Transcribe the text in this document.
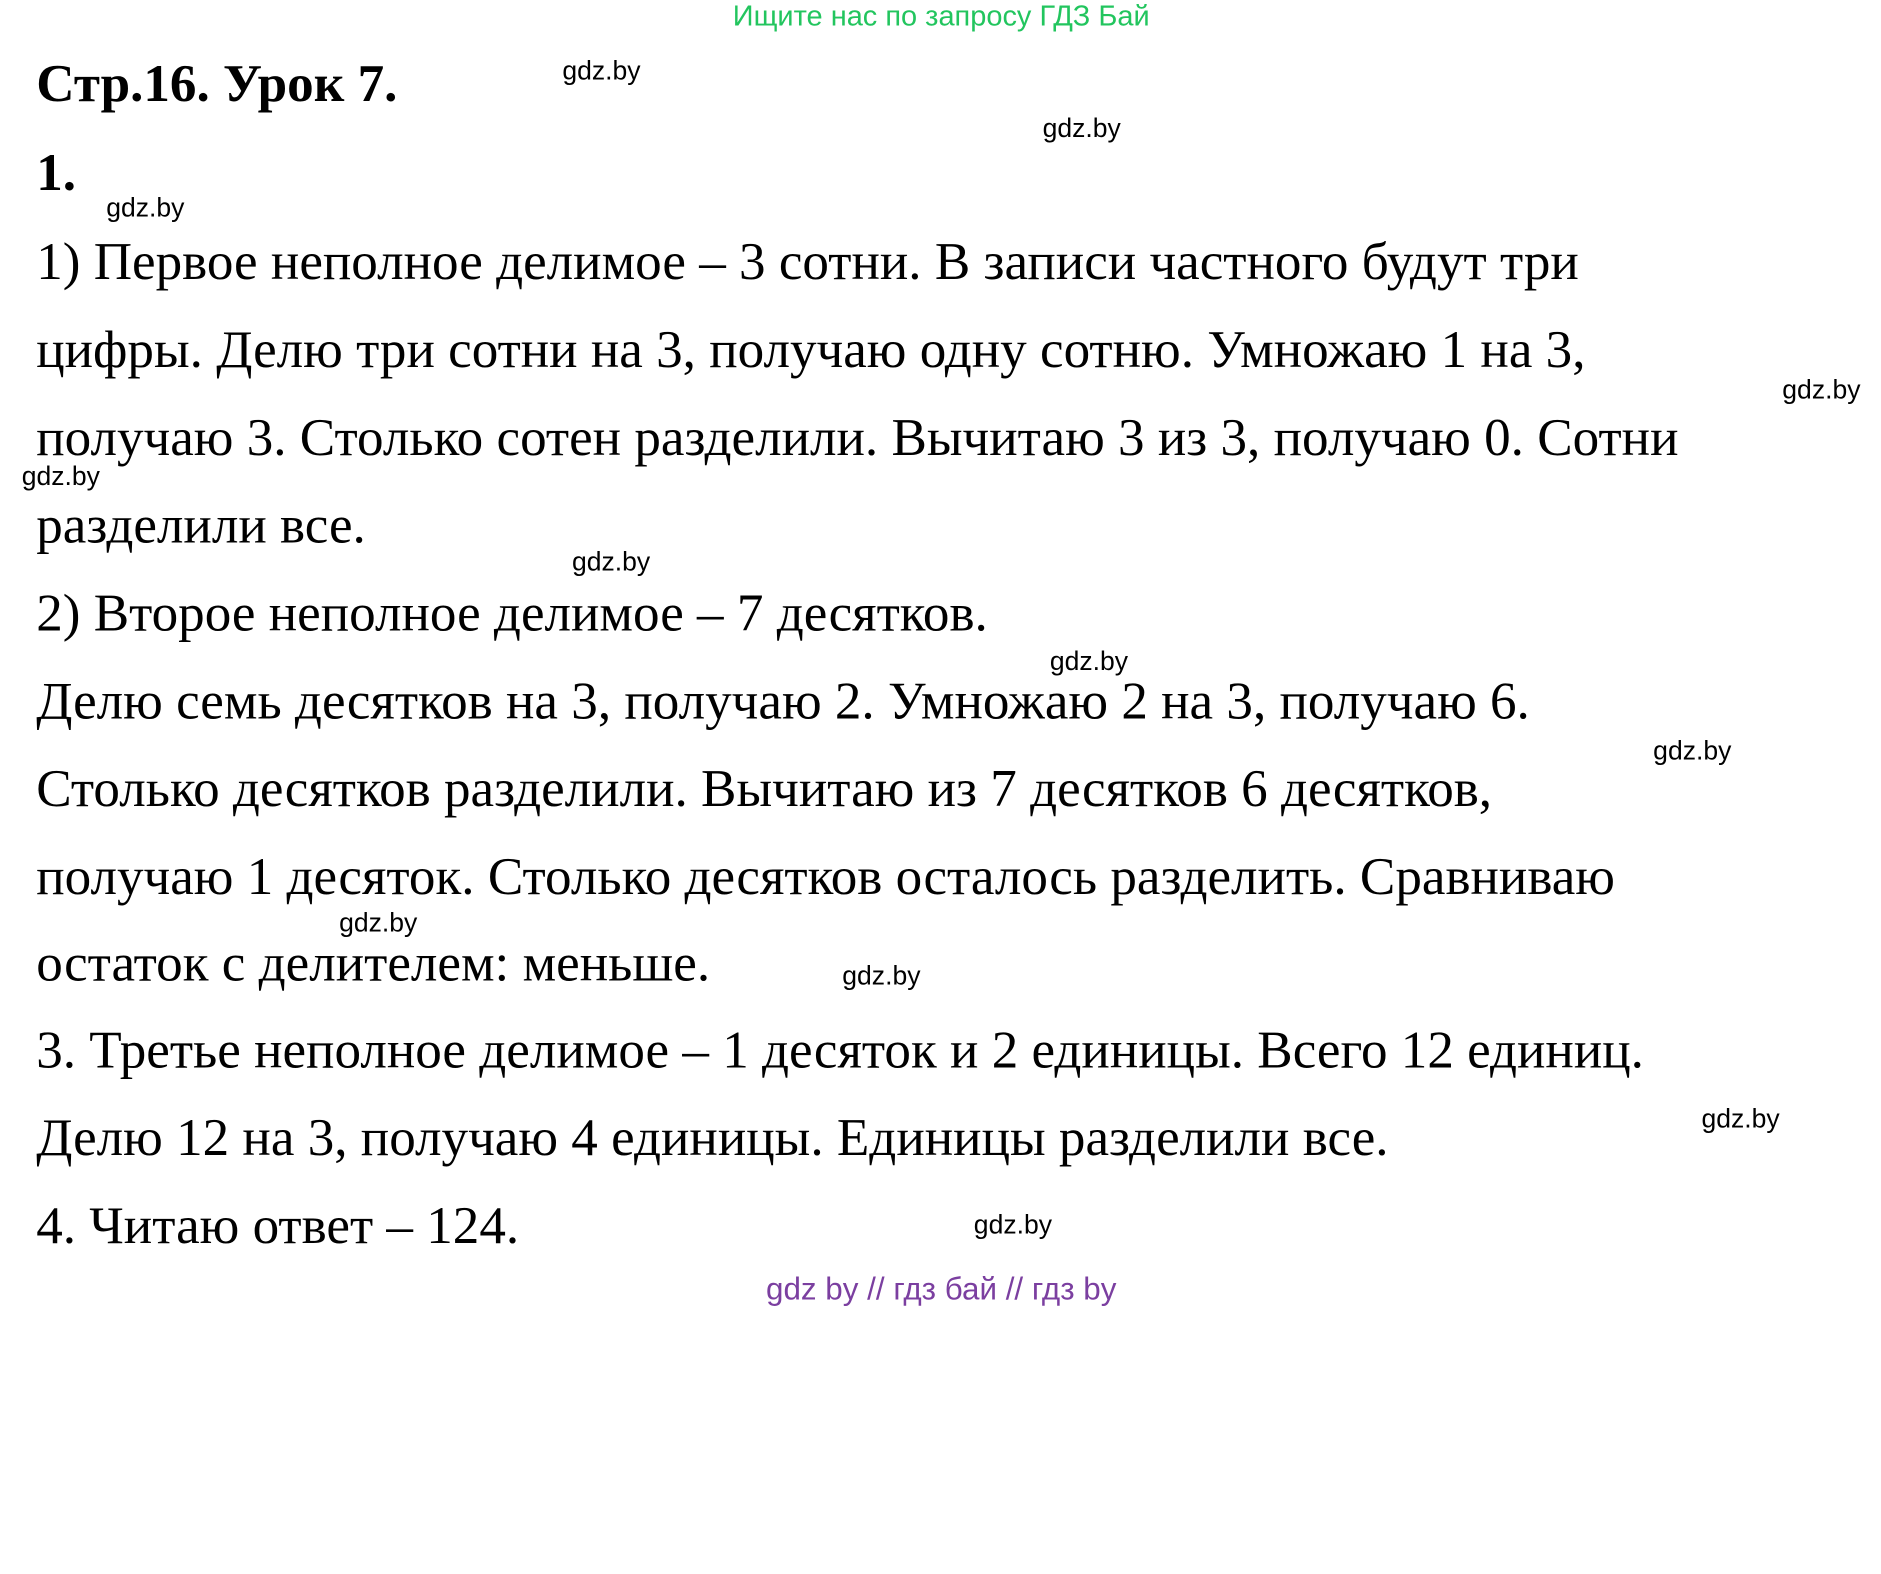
Ищите нас по запросу ГДЗ Бай
Стр.16. Урок 7.
1.
1) Первое неполное делимое – 3 сотни. В записи частного будут три
цифры. Делю три сотни на 3, получаю одну сотню. Умножаю 1 на 3,
получаю 3. Столько сотен разделили. Вычитаю 3 из 3, получаю 0. Сотни
разделили все.
2) Второе неполное делимое – 7 десятков.
Делю семь десятков на 3, получаю 2. Умножаю 2 на 3, получаю 6.
Столько десятков разделили. Вычитаю из 7 десятков 6 десятков,
получаю 1 десяток. Столько десятков осталось разделить. Сравниваю
остаток с делителем: меньше.
3. Третье неполное делимое – 1 десяток и 2 единицы. Всего 12 единиц.
Делю 12 на 3, получаю 4 единицы. Единицы разделили все.
4. Читаю ответ – 124.
gdz.by
gdz.by
gdz.by
gdz.by
gdz.by
gdz.by
gdz.by
gdz.by
gdz.by
gdz.by
gdz.by
gdz.by
gdz by // гдз бай // гдз by
